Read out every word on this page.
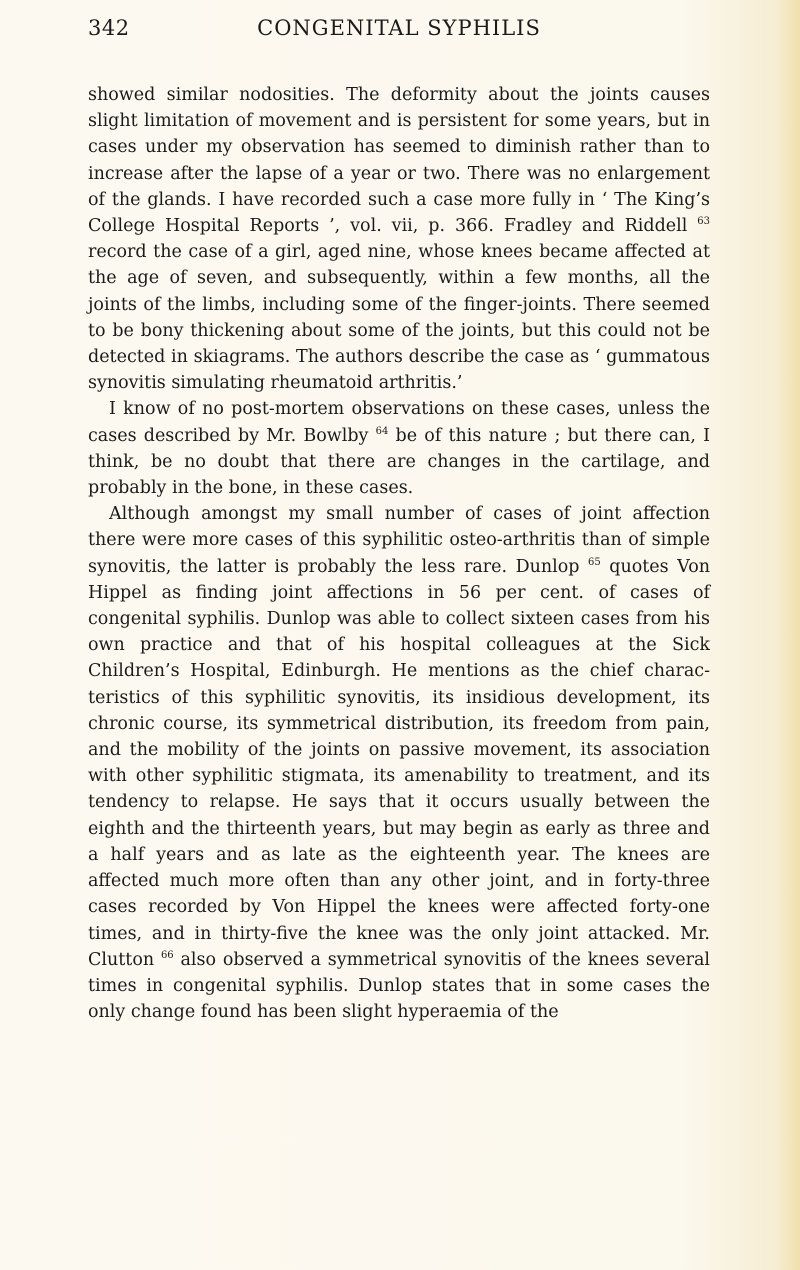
342	CONGENITAL SYPHILIS

showed similar nodosities. The deformity about the joints causes slight limitation of movement and is persistent for some years, but in cases under my observation has seemed to diminish rather than to increase after the lapse of a year or two. There was no enlargement of the glands. I have recorded such a case more fully in ‘ The King’s College Hospital Reports ’, vol. vii, p. 366. Fradley and Riddell $^{63}$ record the case of a girl, aged nine, whose knees became affected at the age of seven, and subsequently, within a few months, all the joints of the limbs, including some of the finger-joints. There seemed to be bony thickening about some of the joints, but this could not be detected in skiagrams. The authors describe the case as ‘ gummatous synovitis simulating rheumatoid arthritis.’

I know of no post-mortem observations on these cases, unless the cases described by Mr. Bowlby $^{64}$ be of this nature ; but there can, I think, be no doubt that there are changes in the cartilage, and probably in the bone, in these cases.

Although amongst my small number of cases of joint affection there were more cases of this syphilitic osteo-arthritis than of simple synovitis, the latter is probably the less rare. Dunlop $^{65}$ quotes Von Hippel as finding joint affections in 56 per cent. of cases of congenital syphilis. Dunlop was able to collect sixteen cases from his own practice and that of his hospital colleagues at the Sick Children’s Hospital, Edinburgh. He mentions as the chief charac-teristics of this syphilitic synovitis, its insidious development, its chronic course, its symmetrical distribution, its freedom from pain, and the mobility of the joints on passive movement, its association with other syphilitic stigmata, its amenability to treatment, and its tendency to relapse. He says that it occurs usually between the eighth and the thirteenth years, but may begin as early as three and a half years and as late as the eighteenth year. The knees are affected much more often than any other joint, and in forty-three cases recorded by Von Hippel the knees were affected forty-one times, and in thirty-five the knee was the only joint attacked. Mr. Clutton $^{66}$ also observed a symmetrical synovitis of the knees several times in congenital syphilis. Dunlop states that in some cases the only change found has been slight hyperaemia of the
